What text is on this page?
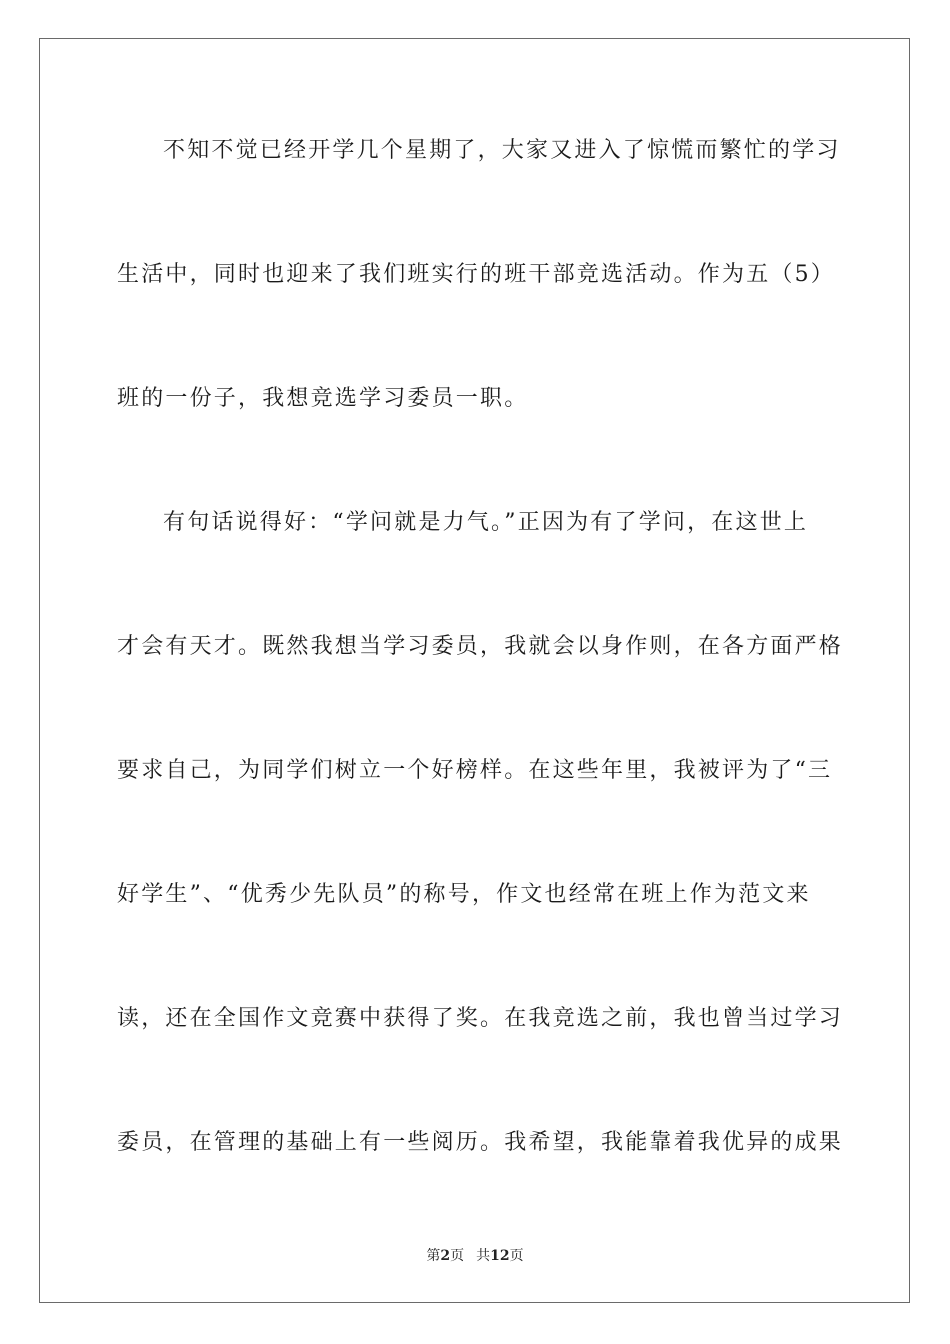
不知不觉已经开学几个星期了，大家又进入了惊慌而繁忙的学习
生活中，同时也迎来了我们班实行的班干部竞选活动。作为五（5）
班的一份子，我想竞选学习委员一职。
有句话说得好：“学问就是力气。”正因为有了学问，在这世上
才会有天才。既然我想当学习委员，我就会以身作则，在各方面严格
要求自己，为同学们树立一个好榜样。在这些年里，我被评为了“三
好学生”、“优秀少先队员”的称号，作文也经常在班上作为范文来
读，还在全国作文竞赛中获得了奖。在我竞选之前，我也曾当过学习
委员，在管理的基础上有一些阅历。我希望，我能靠着我优异的成果
第2页 共12页
